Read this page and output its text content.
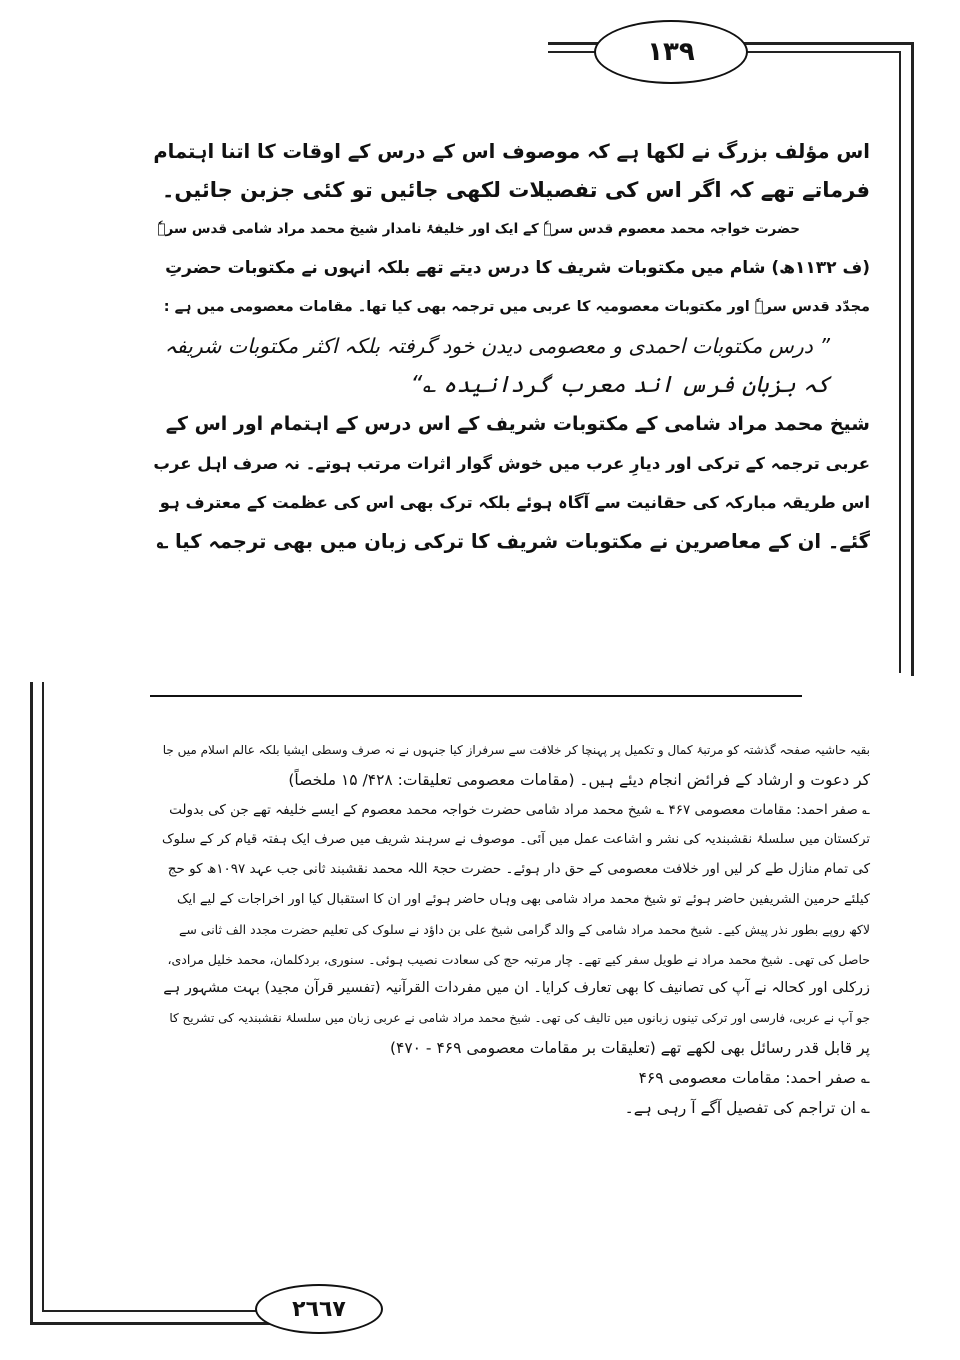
١٣٩

اس مؤلف بزرگ نے لکھا ہے کہ موصوف اس کے درس کے اوقات کا اتنا اہتمام

فرماتے تھے کہ اگر اس کی تفصیلات لکھی جائیں تو کئی جزبن جائیں۔

حضرت خواجہ محمد معصوم قدس سرہٗ کے ایک اور خلیفۂ نامدار شیخ محمد مراد شامی قدس سرہٗ

(ف ۱۱۳۲ھ) شام میں مکتوبات شریف کا درس دیتے تھے بلکہ انہوں نے مکتوبات حضرتِ

مجدّد قدس سرہٗ اور مکتوبات معصومیہ کا عربی میں ترجمہ بھی کیا تھا۔ مقامات معصومی میں ہے :

” درس مکتوبات احمدی و معصومی دیدن خود گرفتہ بلکہ اکثر مکتوبات شریفہ

کہ بزبان فرس اند معرب گردانیدہ ؎“

شیخ محمد مراد شامی کے مکتوبات شریف کے اس درس کے اہتمام اور اس کے

عربی ترجمہ کے ترکی اور دیارِ عرب میں خوش گوار اثرات مرتب ہوتے۔ نہ صرف اہل عرب

اس طریقہ مبارکہ کی حقانیت سے آگاہ ہوئے بلکہ ترک بھی اس کی عظمت کے معترف ہو

گئے۔ ان کے معاصرین نے مکتوبات شریف کا ترکی زبان میں بھی ترجمہ کیا ؎

بقیہ حاشیہ صفحہ گذشتہ کو مرتبۂ کمال و تکمیل پر پہنچا کر خلافت سے سرفراز کیا جنہوں نے نہ صرف وسطی ایشیا بلکہ عالم اسلام میں جا

کر دعوت و ارشاد کے فرائض انجام دیئے ہیں۔ (مقامات معصومی تعلیقات: ۴۲۸/ ۱۵ ملخصاً)

؎ صفر احمد: مقامات معصومی ۴۶۷ ؎ شیخ محمد مراد شامی حضرت خواجہ محمد معصوم کے ایسے خلیفہ تھے جن کی بدولت

ترکستان میں سلسلۂ نقشبندیہ کی نشر و اشاعت عمل میں آئی۔ موصوف نے سرہند شریف میں صرف ایک ہفتہ قیام کر کے سلوک

کی تمام منازل طے کر لیں اور خلافت معصومی کے حق دار ہوئے۔ حضرت حجۃ اللہ محمد نقشبند ثانی جب عہد ۱۰۹۷ھ کو حج

کیلئے حرمین الشریفین حاضر ہوئے تو شیخ محمد مراد شامی بھی وہاں حاضر ہوئے اور ان کا استقبال کیا اور اخراجات کے لیے ایک

لاکھ روپے بطور نذر پیش کیے۔ شیخ محمد مراد شامی کے والد گرامی شیخ علی بن داؤد نے سلوک کی تعلیم حضرت مجدد الف ثانی سے

حاصل کی تھی۔ شیخ محمد مراد نے طویل سفر کیے تھے۔ چار مرتبہ حج کی سعادت نصیب ہوئی۔ سنوری، بردکلمان، محمد خلیل مرادی،

زرکلی اور کحالہ نے آپ کی تصانیف کا بھی تعارف کرایا۔ ان میں مفردات القرآنیہ (تفسیر قرآن مجید) بہت مشہور ہے

جو آپ نے عربی، فارسی اور ترکی تینوں زبانوں میں تالیف کی تھی۔ شیخ محمد مراد شامی نے عربی زبان میں سلسلۂ نقشبندیہ کی تشریح کا

پر قابل قدر رسائل بھی لکھے تھے (تعلیقات بر مقامات معصومی ۴۶۹ - ۴۷۰)

؎ صفر احمد: مقامات معصومی ۴۶۹

؎ ان تراجم کی تفصیل آگے آ رہی ہے۔

٢٦٦٧
